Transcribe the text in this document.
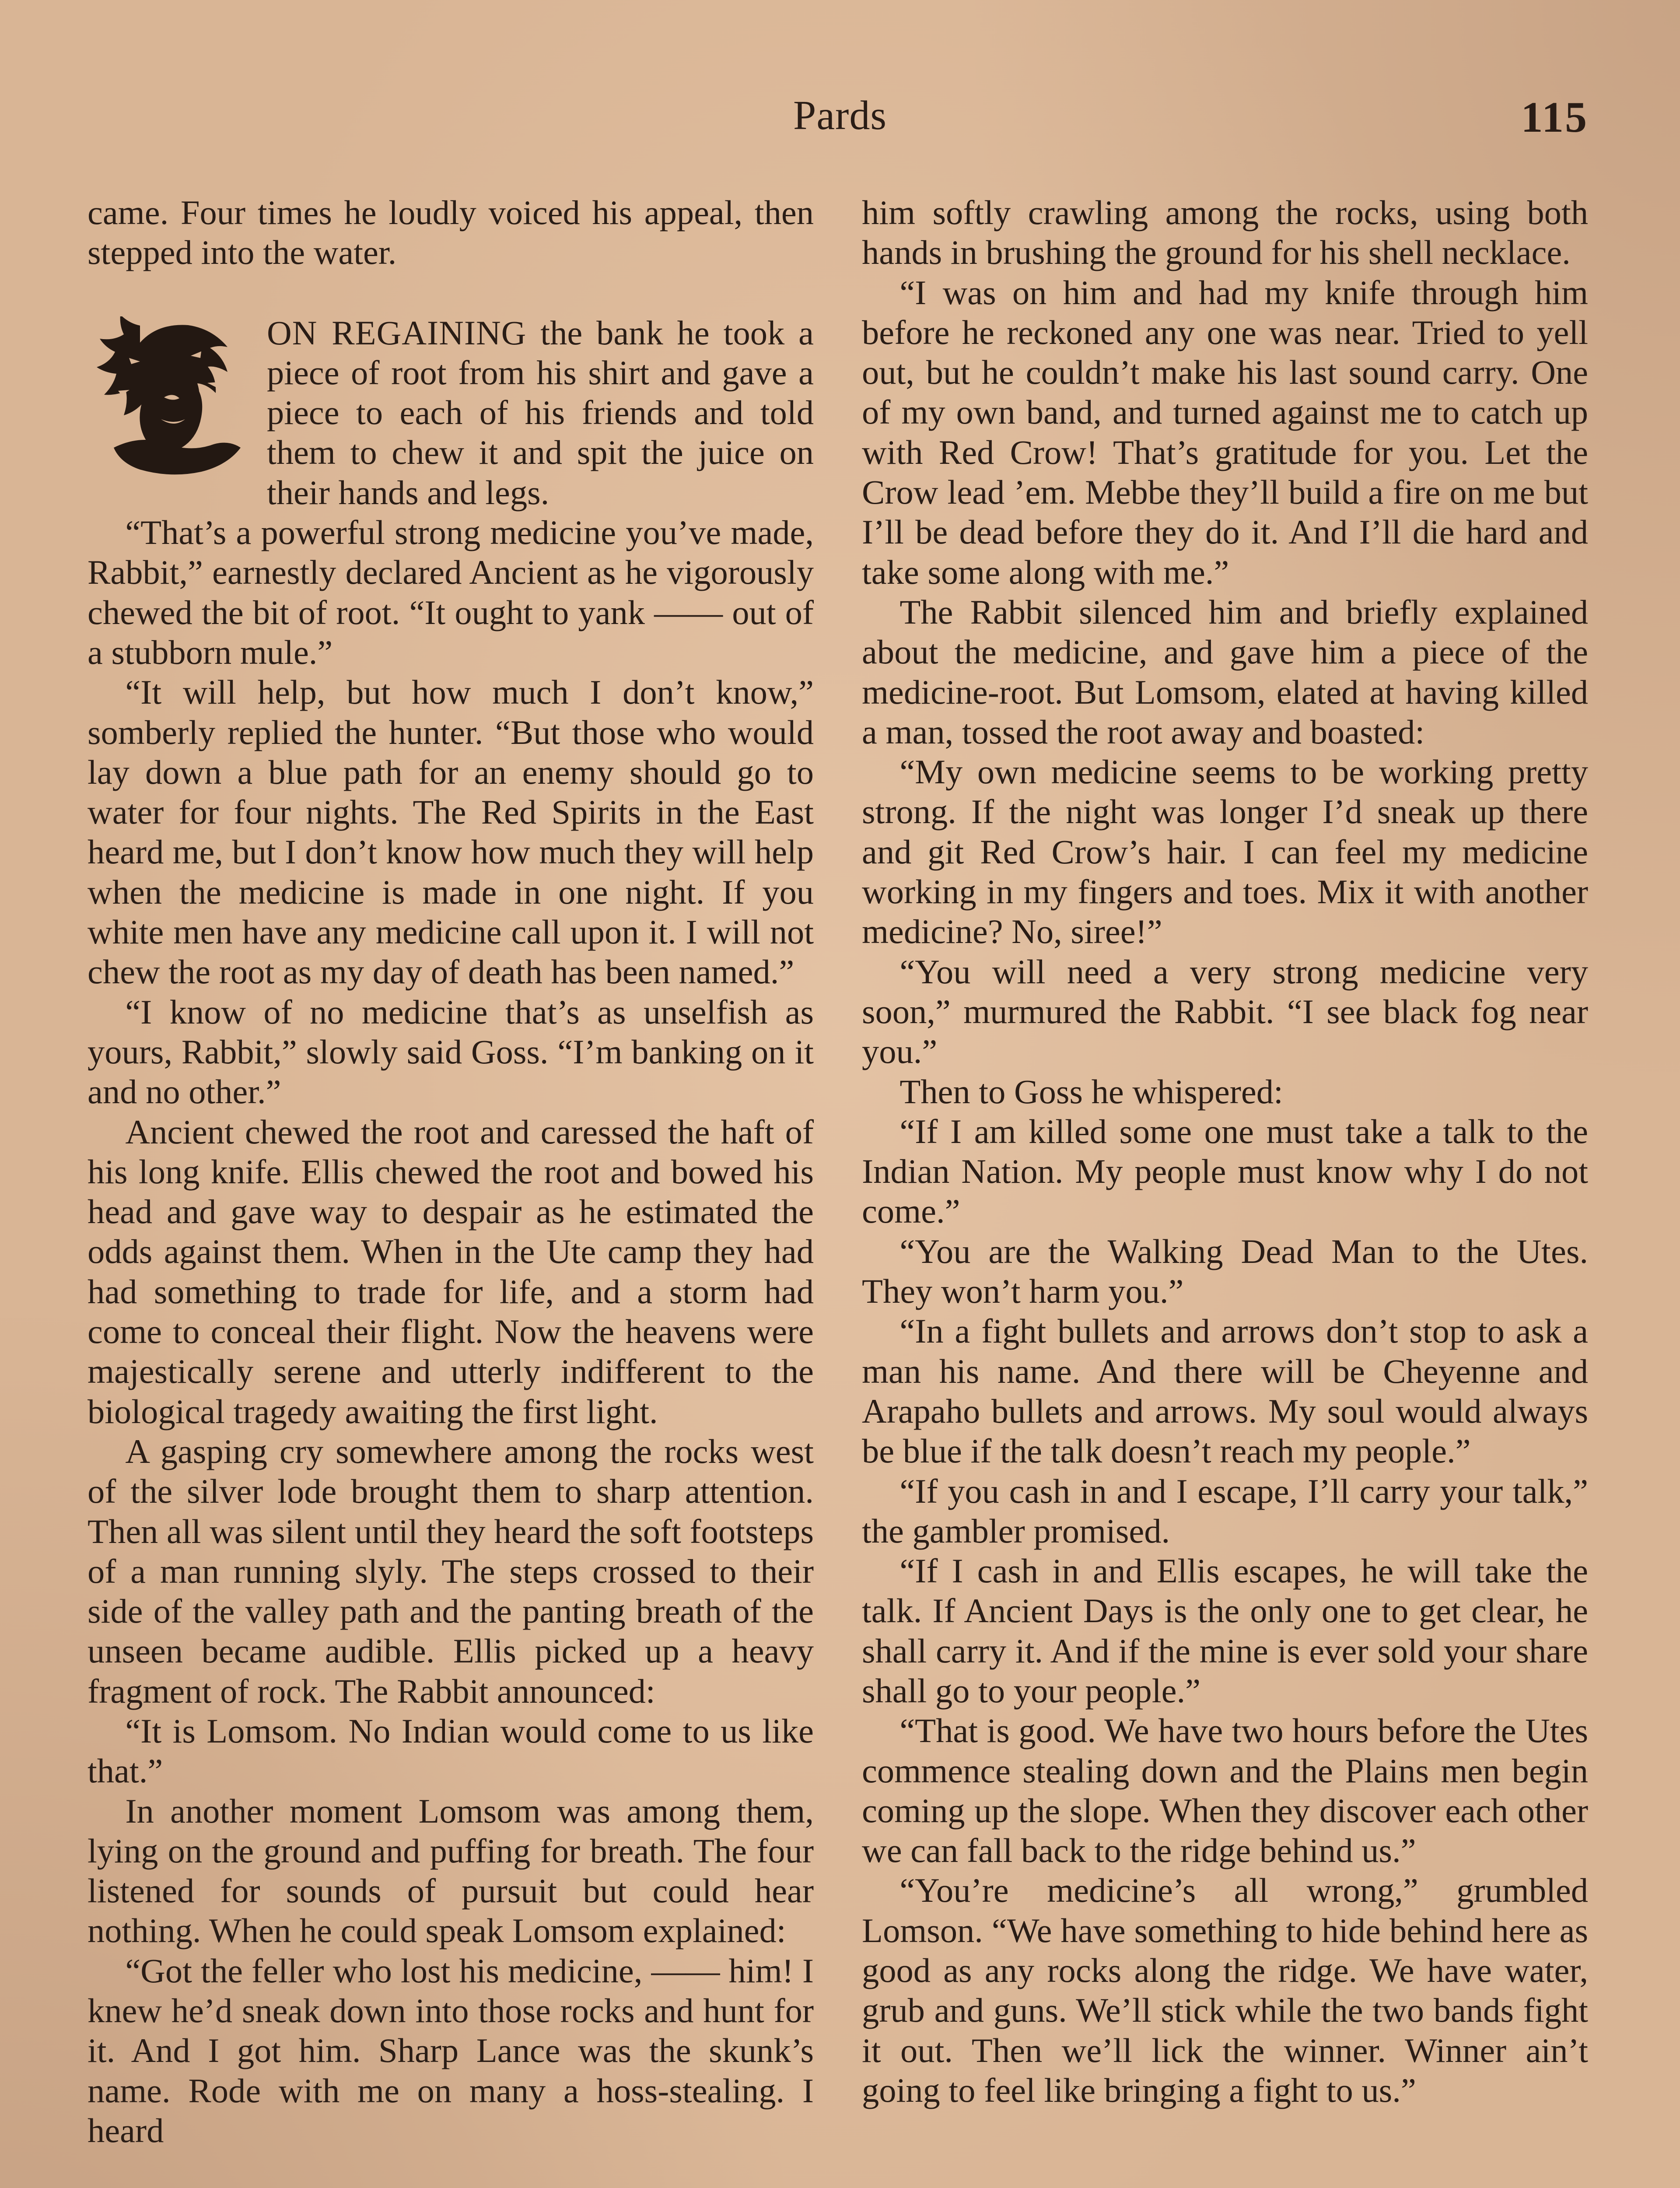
Pards	115

came. Four times he loudly voiced his appeal, then stepped into the water.

ON REGAINING the bank he took a piece of root from his shirt and gave a piece to each of his friends and told them to chew it and spit the juice on their hands and legs.

“That’s a powerful strong medicine you’ve made, Rabbit,” earnestly declared Ancient as he vigorously chewed the bit of root. “It ought to yank —— out of a stubborn mule.”

“It will help, but how much I don’t know,” somberly replied the hunter. “But those who would lay down a blue path for an enemy should go to water for four nights. The Red Spirits in the East heard me, but I don’t know how much they will help when the medicine is made in one night. If you white men have any medicine call upon it. I will not chew the root as my day of death has been named.”

“I know of no medicine that’s as unselfish as yours, Rabbit,” slowly said Goss. “I’m banking on it and no other.”

Ancient chewed the root and caressed the haft of his long knife. Ellis chewed the root and bowed his head and gave way to despair as he estimated the odds against them. When in the Ute camp they had had something to trade for life, and a storm had come to conceal their flight. Now the heavens were majestically serene and utterly indifferent to the biological tragedy awaiting the first light.

A gasping cry somewhere among the rocks west of the silver lode brought them to sharp attention. Then all was silent until they heard the soft footsteps of a man running slyly. The steps crossed to their side of the valley path and the panting breath of the unseen became audible. Ellis picked up a heavy fragment of rock. The Rabbit announced:

“It is Lomsom. No Indian would come to us like that.”

In another moment Lomsom was among them, lying on the ground and puffing for breath. The four listened for sounds of pursuit but could hear nothing. When he could speak Lomsom explained:

“Got the feller who lost his medicine, —— him! I knew he’d sneak down into those rocks and hunt for it. And I got him. Sharp Lance was the skunk’s name. Rode with me on many a hoss-stealing. I heard

him softly crawling among the rocks, using both hands in brushing the ground for his shell necklace.

“I was on him and had my knife through him before he reckoned any one was near. Tried to yell out, but he couldn’t make his last sound carry. One of my own band, and turned against me to catch up with Red Crow! That’s gratitude for you. Let the Crow lead ’em. Mebbe they’ll build a fire on me but I’ll be dead before they do it. And I’ll die hard and take some along with me.”

The Rabbit silenced him and briefly explained about the medicine, and gave him a piece of the medicine-root. But Lomsom, elated at having killed a man, tossed the root away and boasted:

“My own medicine seems to be working pretty strong. If the night was longer I’d sneak up there and git Red Crow’s hair. I can feel my medicine working in my fingers and toes. Mix it with another medicine? No, siree!”

“You will need a very strong medicine very soon,” murmured the Rabbit. “I see black fog near you.”

Then to Goss he whispered:

“If I am killed some one must take a talk to the Indian Nation. My people must know why I do not come.”

“You are the Walking Dead Man to the Utes. They won’t harm you.”

“In a fight bullets and arrows don’t stop to ask a man his name. And there will be Cheyenne and Arapaho bullets and arrows. My soul would always be blue if the talk doesn’t reach my people.”

“If you cash in and I escape, I’ll carry your talk,” the gambler promised.

“If I cash in and Ellis escapes, he will take the talk. If Ancient Days is the only one to get clear, he shall carry it. And if the mine is ever sold your share shall go to your people.”

“That is good. We have two hours before the Utes commence stealing down and the Plains men begin coming up the slope. When they discover each other we can fall back to the ridge behind us.”

“You’re medicine’s all wrong,” grumbled Lomson. “We have something to hide behind here as good as any rocks along the ridge. We have water, grub and guns. We’ll stick while the two bands fight it out. Then we’ll lick the winner. Winner ain’t going to feel like bringing a fight to us.”
